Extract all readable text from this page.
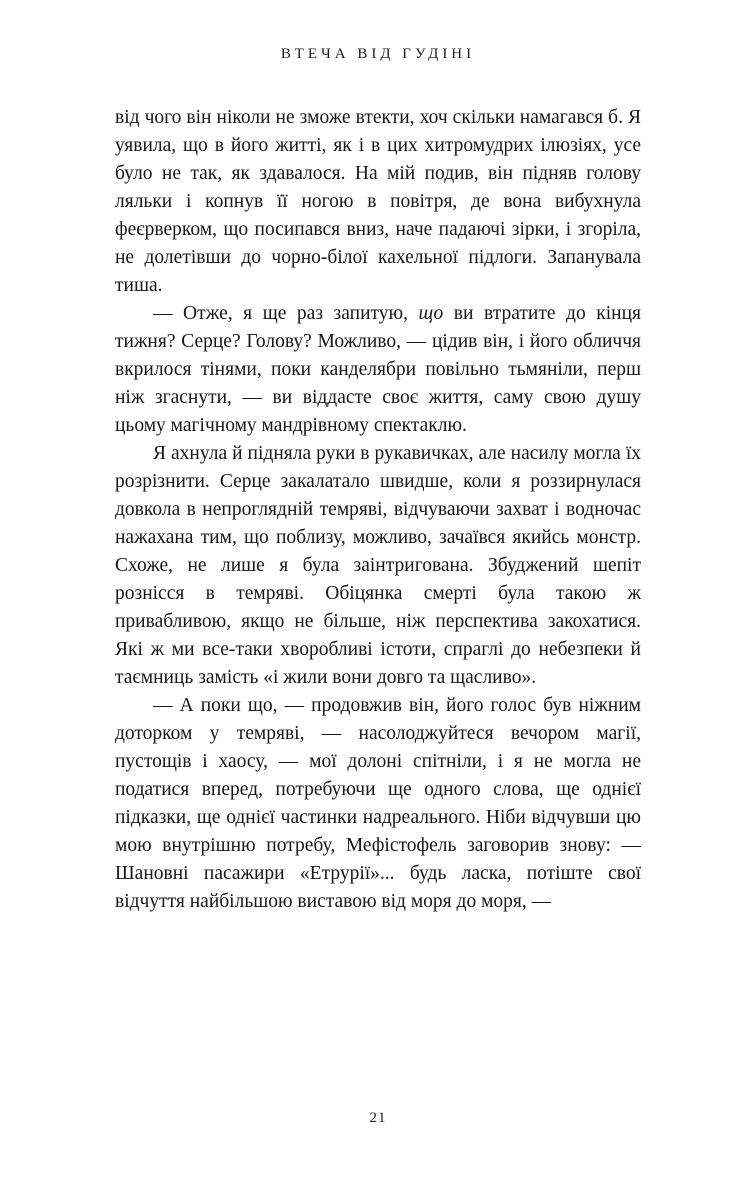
ВТЕЧА ВІД ГУДІНІ

від чого він ніколи не зможе втекти, хоч скільки намагався б. Я уявила, що в його житті, як і в цих хитромудрих ілюзіях, усе було не так, як здавалося. На мій подив, він підняв голову ляльки і копнув її ногою в повітря, де вона вибухнула феєрверком, що посипався вниз, наче падаючі зірки, і згоріла, не долетівши до чорно-білої кахельної підлоги. Запанувала тиша.

— Отже, я ще раз запитую, що ви втратите до кінця тижня? Серце? Голову? Можливо, — цідив він, і його обличчя вкрилося тінями, поки канделябри повільно тьмяніли, перш ніж згаснути, — ви віддасте своє життя, саму свою душу цьому магічному мандрівному спектаклю.

Я ахнула й підняла руки в рукавичках, але насилу могла їх розрізнити. Серце закалатало швидше, коли я роззирнулася довкола в непроглядній темряві, відчуваючи захват і водночас нажахана тим, що поблизу, можливо, зачаївся якийсь монстр. Схоже, не лише я була заінтригована. Збуджений шепіт рознісся в темряві. Обіцянка смерті була такою ж привабливою, якщо не більше, ніж перспектива закохатися. Які ж ми все-таки хворобливі істоти, спраглі до небезпеки й таємниць замість «і жили вони довго та щасливо».

— А поки що, — продовжив він, його голос був ніжним доторком у темряві, — насолоджуйтеся вечором магії, пустощів і хаосу, — мої долоні спітніли, і я не могла не податися вперед, потребуючи ще одного слова, ще однієї підказки, ще однієї частинки надреального. Ніби відчувши цю мою внутрішню потребу, Мефістофель заговорив знову: — Шановні пасажири «Етрурії»... будь ласка, потіште свої відчуття найбільшою виставою від моря до моря, —

21
